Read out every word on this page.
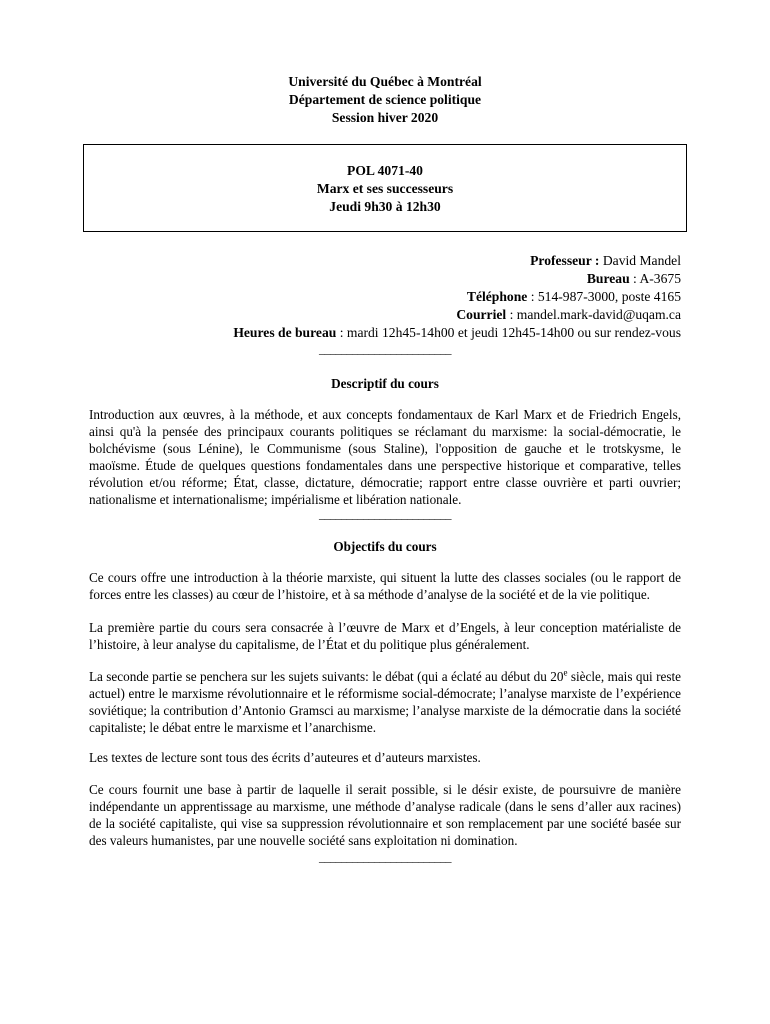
Université du Québec à Montréal
Département de science politique
Session hiver 2020
POL 4071-40
Marx et ses successeurs
Jeudi 9h30 à 12h30
Professeur : David Mandel
Bureau : A-3675
Téléphone : 514-987-3000, poste 4165
Courriel : mandel.mark-david@uqam.ca
Heures de bureau : mardi 12h45-14h00 et jeudi 12h45-14h00 ou sur rendez-vous
________________________
Descriptif du cours
Introduction aux œuvres, à la méthode, et aux concepts fondamentaux de Karl Marx et de Friedrich Engels, ainsi qu'à la pensée des principaux courants politiques se réclamant du marxisme: la social-démocratie, le bolchévisme (sous Lénine), le Communisme (sous Staline), l'opposition de gauche et le trotskysme, le maoïsme. Étude de quelques questions fondamentales dans une perspective historique et comparative, telles révolution et/ou réforme; État, classe, dictature, démocratie; rapport entre classe ouvrière et parti ouvrier; nationalisme et internationalisme; impérialisme et libération nationale.
________________________
Objectifs du cours
Ce cours offre une introduction à la théorie marxiste, qui situent la lutte des classes sociales (ou le rapport de forces entre les classes) au cœur de l’histoire, et à sa méthode d’analyse de la société et de la vie politique.
La première partie du cours sera consacrée à l’œuvre de Marx et d’Engels, à leur conception matérialiste de l’histoire, à leur analyse du capitalisme, de l’État et du politique plus généralement.
La seconde partie se penchera sur les sujets suivants: le débat (qui a éclaté au début du 20e siècle, mais qui reste actuel) entre le marxisme révolutionnaire et le réformisme social-démocrate; l’analyse marxiste de l’expérience soviétique; la contribution d’Antonio Gramsci au marxisme; l’analyse marxiste de la démocratie dans la société capitaliste; le débat entre le marxisme et l’anarchisme.
Les textes de lecture sont tous des écrits d’auteures et d’auteurs marxistes.
Ce cours fournit une base à partir de laquelle il serait possible, si le désir existe, de poursuivre de manière indépendante un apprentissage au marxisme, une méthode d’analyse radicale (dans le sens d’aller aux racines) de la société capitaliste, qui vise sa suppression révolutionnaire et son remplacement par une société basée sur des valeurs humanistes, par une nouvelle société sans exploitation ni domination.
________________________
